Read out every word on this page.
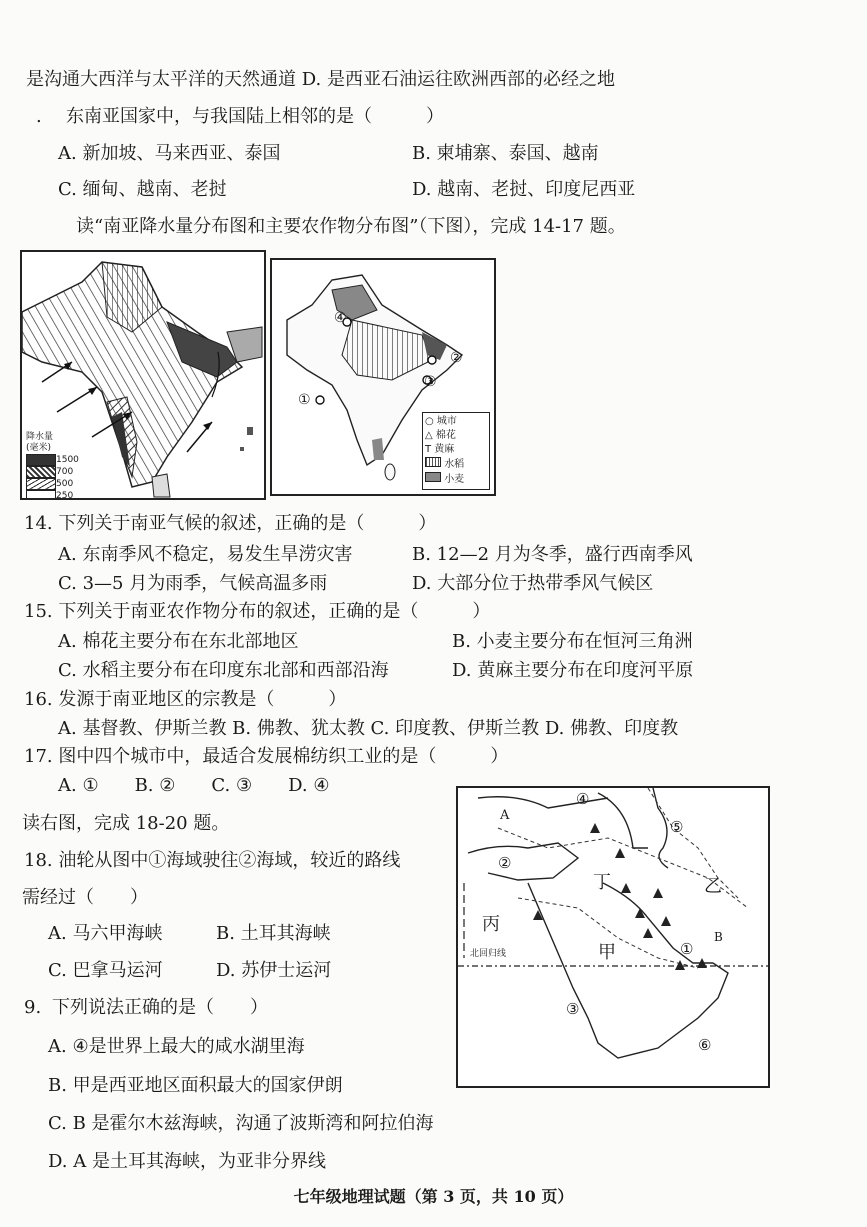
是沟通大西洋与太平洋的天然通道 D. 是西亚石油运往欧洲西部的必经之地
. 东南亚国家中，与我国陆上相邻的是（　　　）
A. 新加坡、马来西亚、泰国	B. 柬埔寨、泰国、越南
C. 缅甸、越南、老挝	D. 越南、老挝、印度尼西亚
读“南亚降水量分布图和主要农作物分布图”（下图），完成 14-17 题。
降水量
(毫米)
1500
700
500
250
④
②
③
①
○ 城市
△ 棉花
T 黄麻
水稻
小麦
14. 下列关于南亚气候的叙述，正确的是（　　　）
A. 东南季风不稳定，易发生旱涝灾害	B. 12—2 月为冬季，盛行西南季风
C. 3—5 月为雨季，气候高温多雨	D. 大部分位于热带季风气候区
15. 下列关于南亚农作物分布的叙述，正确的是（　　　）
A. 棉花主要分布在东北部地区	B. 小麦主要分布在恒河三角洲
C. 水稻主要分布在印度东北部和西部沿海	D. 黄麻主要分布在印度河平原
16. 发源于南亚地区的宗教是（　　　）
A. 基督教、伊斯兰教 B. 佛教、犹太教 C. 印度教、伊斯兰教 D. 佛教、印度教
17. 图中四个城市中，最适合发展棉纺织工业的是（　　　）
A. ①　　B. ②　　C. ③　　D. ④
读右图，完成 18-20 题。
18. 油轮从图中①海域驶往②海域，较近的路线
需经过（　　）
A. 马六甲海峡	B. 土耳其海峡
C. 巴拿马运河	D. 苏伊士运河
9. 下列说法正确的是（　　）
A. ④是世界上最大的咸水湖里海
B. 甲是西亚地区面积最大的国家伊朗
C. B 是霍尔木兹海峡，沟通了波斯湾和阿拉伯海
D. A 是土耳其海峡，为亚非分界线
④
A
⑤
②
丁	乙
丙
甲	①
B
③
⑥
北回归线
七年级地理试题（第 3 页，共 10 页）
